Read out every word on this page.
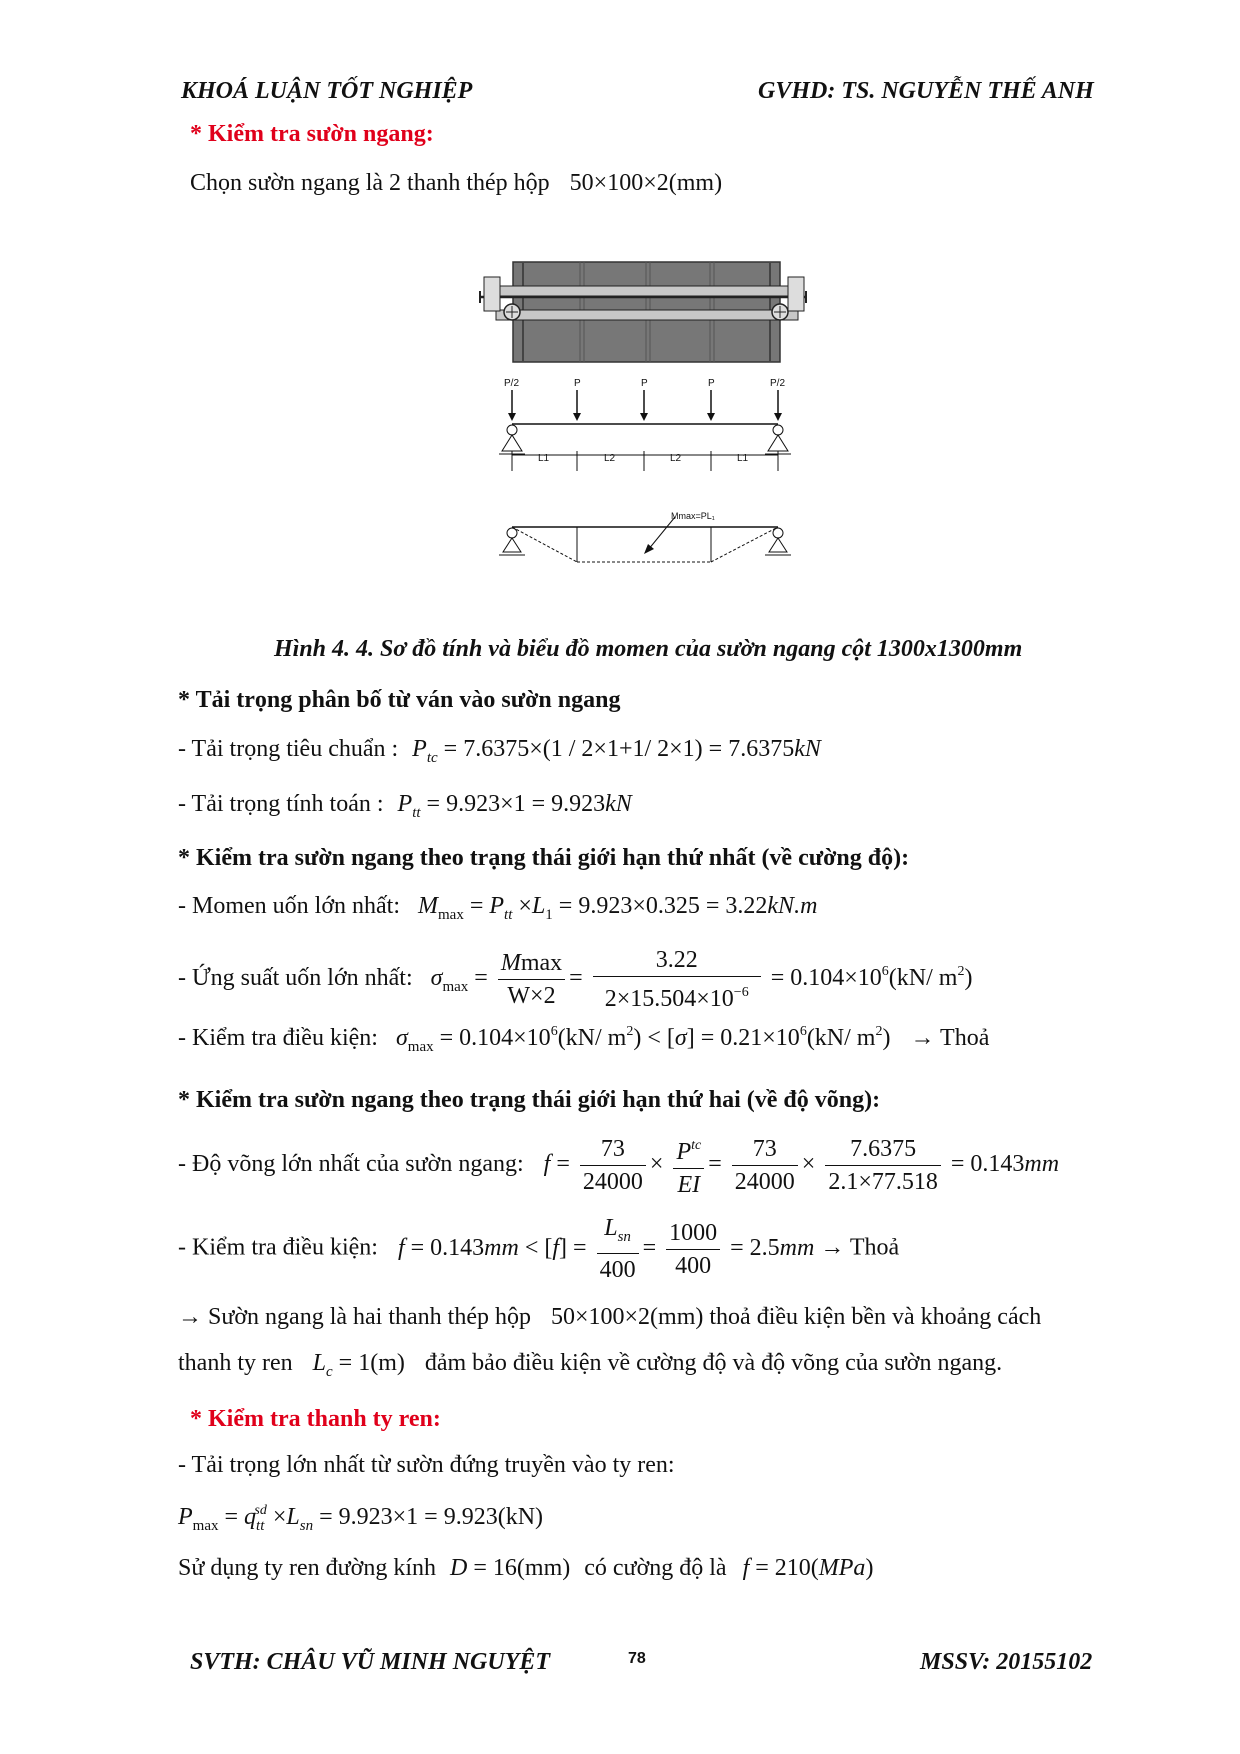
KHOÁ LUẬN TỐT NGHIỆP	GVHD: TS. NGUYỄN THẾ ANH
* Kiểm tra sườn ngang:
Chọn sườn ngang là 2 thanh thép hộp 50×100×2(mm)
P/2	P	P	P	P/2
L1	L2	L2	L1
Mmax=PL₁
Hình 4. 4. Sơ đồ tính và biểu đồ momen của sườn ngang cột 1300x1300mm
* Tải trọng phân bố từ ván vào sườn ngang
- Tải trọng tiêu chuẩn : $P_{tc} = 7.6375\times(1 / 2\times 1+1/$ 2×1) = 7.6375kN
- Tải trọng tính toán : $P_{tt} = 9.923\times 1 = 9.923kN$
* Kiểm tra sườn ngang theo trạng thái giới hạn thứ nhất (về cường độ):
- Momen uốn lớn nhất: $M_{max} = P_{tt} \times L_1 = 9.923\times 0.325 = 3.22kN.m$
- Ứng suất uốn lớn nhất: $\sigma_{max} = \frac{Mmax}{W\times 2} = \frac{3.22}{2\times 15.504\times 10^{-6}} = 0.104\times 10^6(kN/$ $m^2$)
- Kiểm tra điều kiện: $\sigma_{max} = 0.104\times 10^6(kN/$ $m^2) < [\sigma] = 0.21\times 10^6(kN/$ $m^2$) → Thoả
* Kiểm tra sườn ngang theo trạng thái giới hạn thứ hai (về độ võng):
- Độ võng lớn nhất của sườn ngang: $f = \frac{73}{24000} \times \frac{P^{tc}}{EI} = \frac{73}{24000} \times \frac{7.6375}{2.1\times 77.518} = 0.143mm$
- Kiểm tra điều kiện: $f = 0.143mm < [f] = \frac{L_{sn}}{400} = \frac{1000}{400} = 2.5mm$ → Thoả
→ Sườn ngang là hai thanh thép hộp 50×100×2(mm) thoả điều kiện bền và khoảng cách
thanh ty ren $L_c = 1(m)$ đảm bảo điều kiện về cường độ và độ võng của sườn ngang.
* Kiểm tra thanh ty ren:
- Tải trọng lớn nhất từ sườn đứng truyền vào ty ren:
$P_{max} = q_{tt}^{sd} \times L_{sn} = 9.923\times 1 = 9.923(kN)$
Sử dụng ty ren đường kính D = 16(mm) có cường độ là f = 210(MPa)
SVTH: CHÂU VŨ MINH NGUYỆT	78	MSSV: 20155102
